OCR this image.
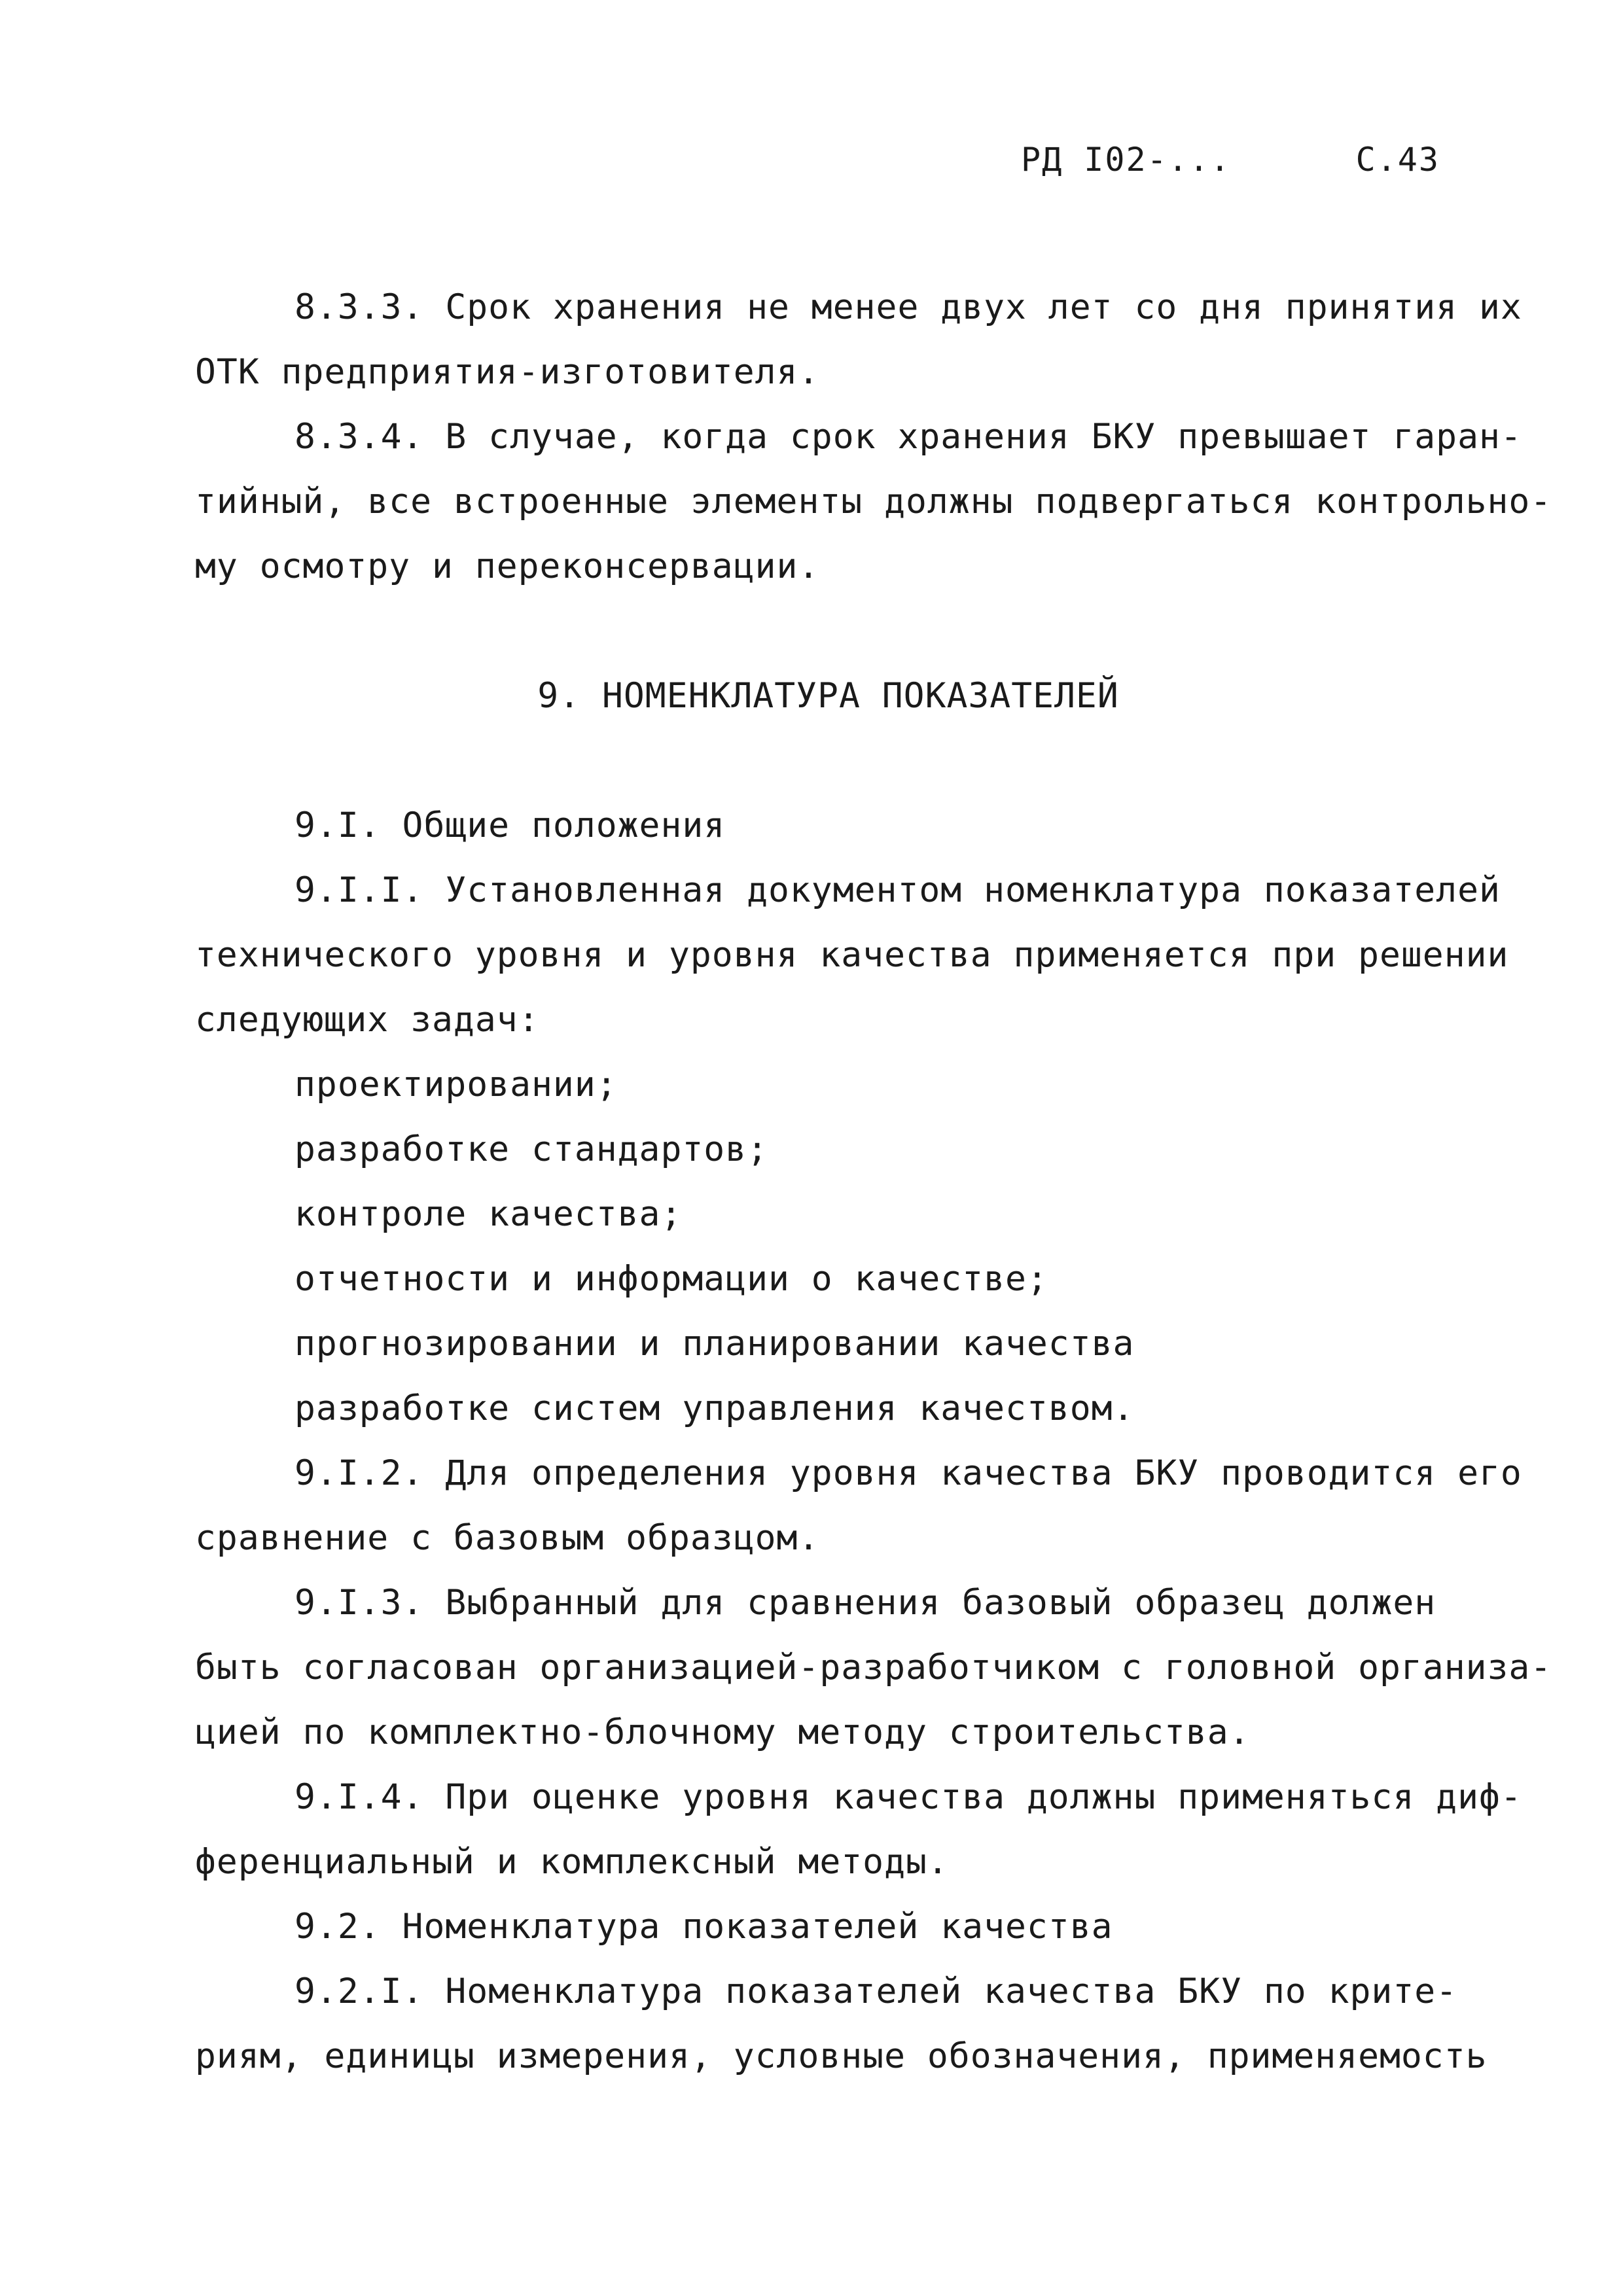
РД I02-...	С.43
8.3.3. Срок хранения не менее двух лет со дня принятия их
ОТК предприятия-изготовителя.
8.3.4. В случае, когда срок хранения БКУ превышает гаран-
тийный, все встроенные элементы должны подвергаться контрольно-
му осмотру и переконсервации.
9. НОМЕНКЛАТУРА ПОКАЗАТЕЛЕЙ
9.I. Общие положения
9.I.I. Установленная документом номенклатура показателей
технического уровня и уровня качества применяется при решении
следующих задач:
проектировании;
разработке стандартов;
контроле качества;
отчетности и информации о качестве;
прогнозировании и планировании качества
разработке систем управления качеством.
9.I.2. Для определения уровня качества БКУ проводится его
сравнение с базовым образцом.
9.I.3. Выбранный для сравнения базовый образец должен
быть согласован организацией-разработчиком с головной организа-
цией по комплектно-блочному методу строительства.
9.I.4. При оценке уровня качества должны применяться диф-
ференциальный и комплексный методы.
9.2. Номенклатура показателей качества
9.2.I. Номенклатура показателей качества БКУ по крите-
риям, единицы измерения, условные обозначения, применяемость
